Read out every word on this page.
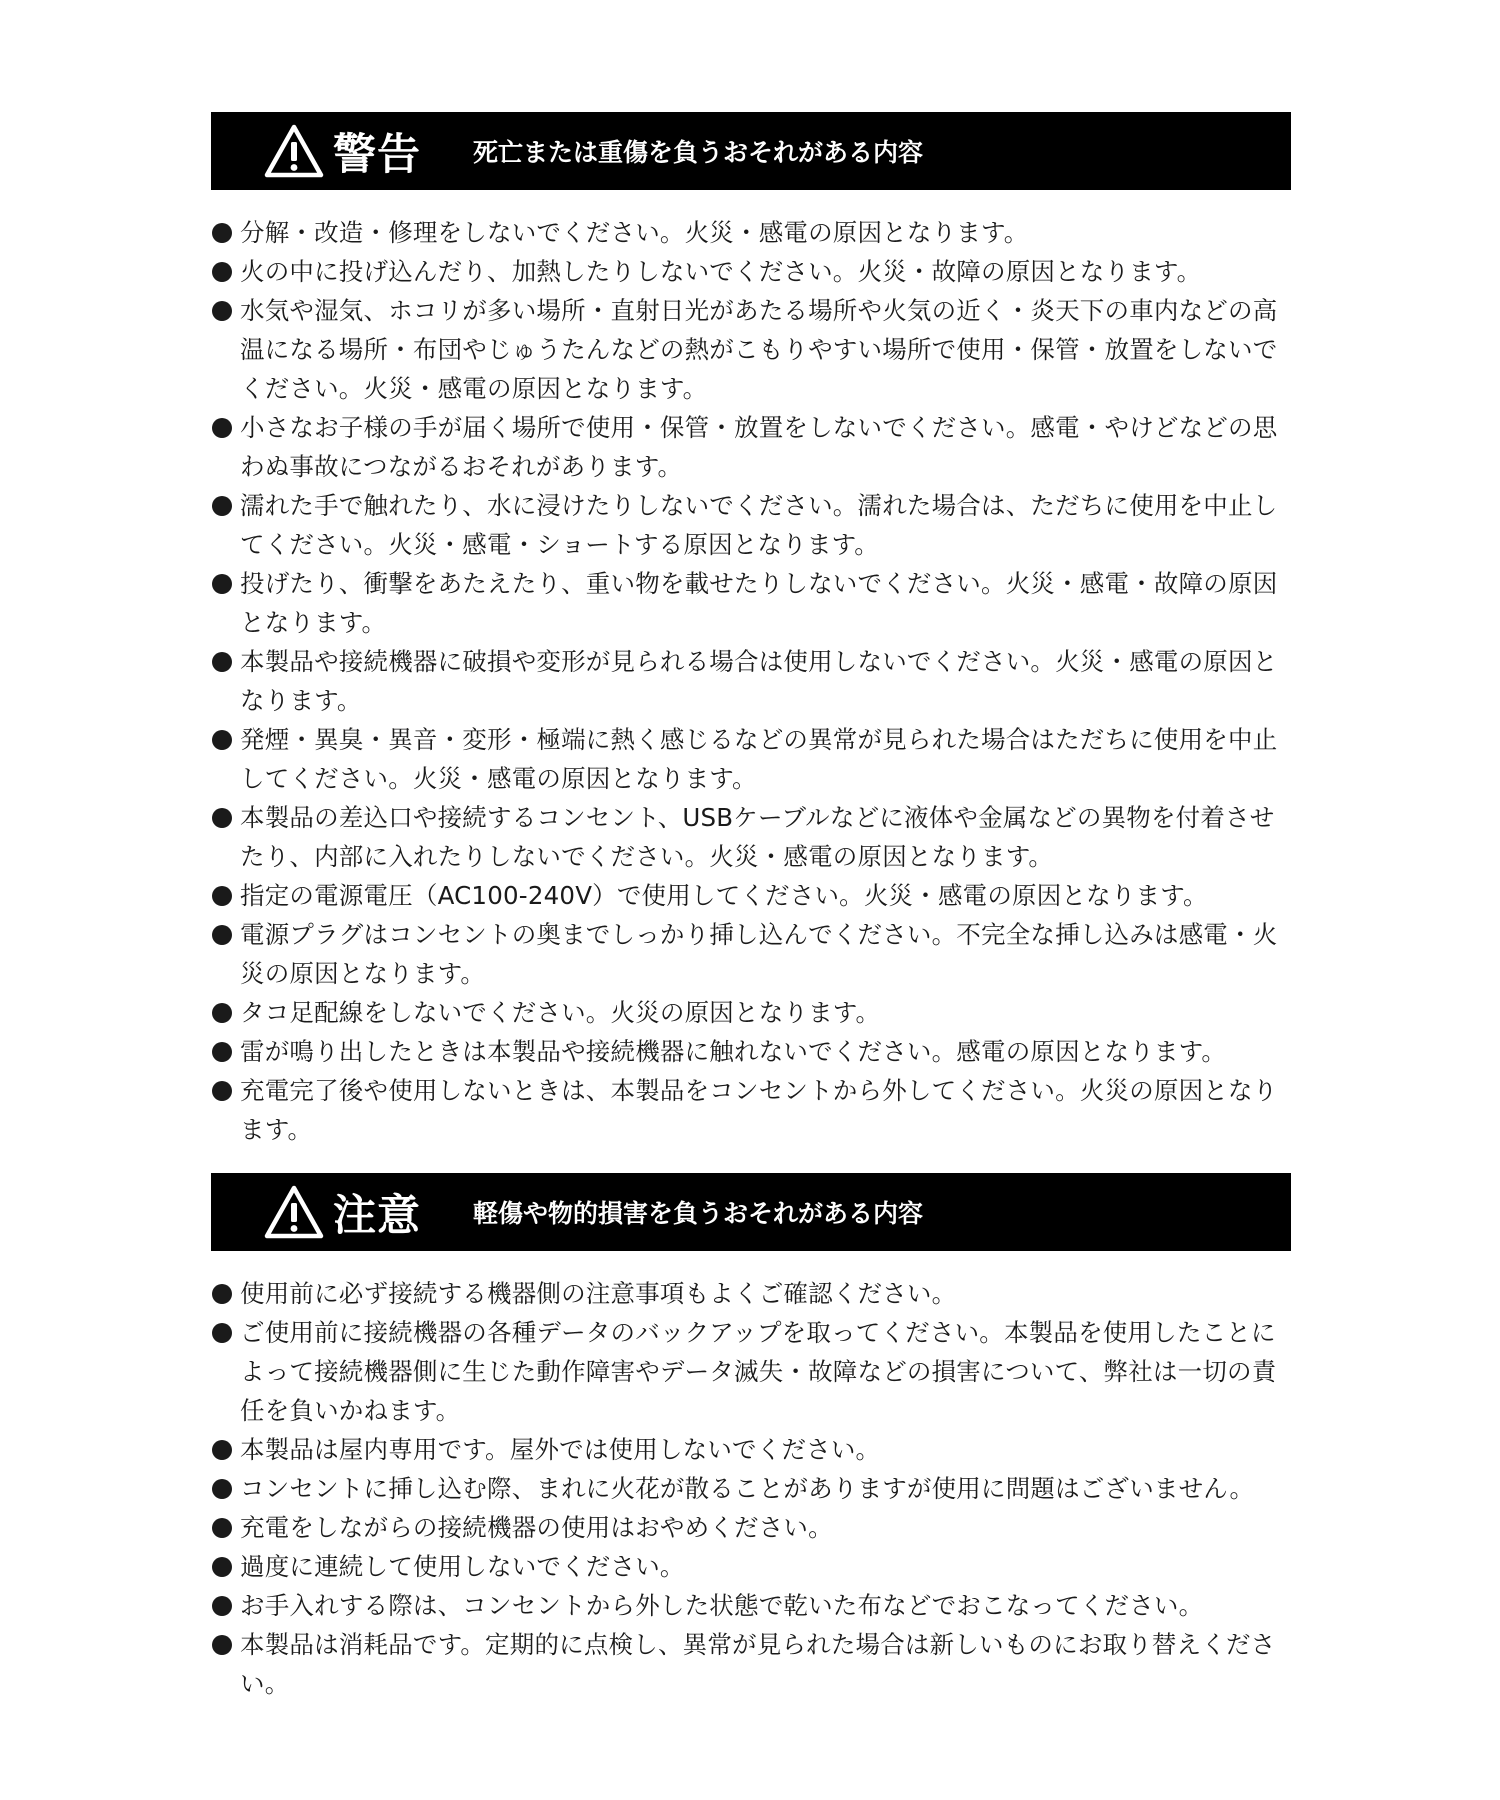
警告 死亡または重傷を負うおそれがある内容
分解・改造・修理をしないでください。火災・感電の原因となります。
火の中に投げ込んだり、加熱したりしないでください。火災・故障の原因となります。
水気や湿気、ホコリが多い場所・直射日光があたる場所や火気の近く・炎天下の車内などの高温になる場所・布団やじゅうたんなどの熱がこもりやすい場所で使用・保管・放置をしないでください。火災・感電の原因となります。
小さなお子様の手が届く場所で使用・保管・放置をしないでください。感電・やけどなどの思わぬ事故につながるおそれがあります。
濡れた手で触れたり、水に浸けたりしないでください。濡れた場合は、ただちに使用を中止してください。火災・感電・ショートする原因となります。
投げたり、衝撃をあたえたり、重い物を載せたりしないでください。火災・感電・故障の原因となります。
本製品や接続機器に破損や変形が見られる場合は使用しないでください。火災・感電の原因となります。
発煙・異臭・異音・変形・極端に熱く感じるなどの異常が見られた場合はただちに使用を中止してください。火災・感電の原因となります。
本製品の差込口や接続するコンセント、USBケーブルなどに液体や金属などの異物を付着させたり、内部に入れたりしないでください。火災・感電の原因となります。
指定の電源電圧（AC100-240V）で使用してください。火災・感電の原因となります。
電源プラグはコンセントの奥までしっかり挿し込んでください。不完全な挿し込みは感電・火災の原因となります。
タコ足配線をしないでください。火災の原因となります。
雷が鳴り出したときは本製品や接続機器に触れないでください。感電の原因となります。
充電完了後や使用しないときは、本製品をコンセントから外してください。火災の原因となります。
注意 軽傷や物的損害を負うおそれがある内容
使用前に必ず接続する機器側の注意事項もよくご確認ください。
ご使用前に接続機器の各種データのバックアップを取ってください。本製品を使用したことによって接続機器側に生じた動作障害やデータ滅失・故障などの損害について、弊社は一切の責任を負いかねます。
本製品は屋内専用です。屋外では使用しないでください。
コンセントに挿し込む際、まれに火花が散ることがありますが使用に問題はございません。
充電をしながらの接続機器の使用はおやめください。
過度に連続して使用しないでください。
お手入れする際は、コンセントから外した状態で乾いた布などでおこなってください。
本製品は消耗品です。定期的に点検し、異常が見られた場合は新しいものにお取り替えください。
